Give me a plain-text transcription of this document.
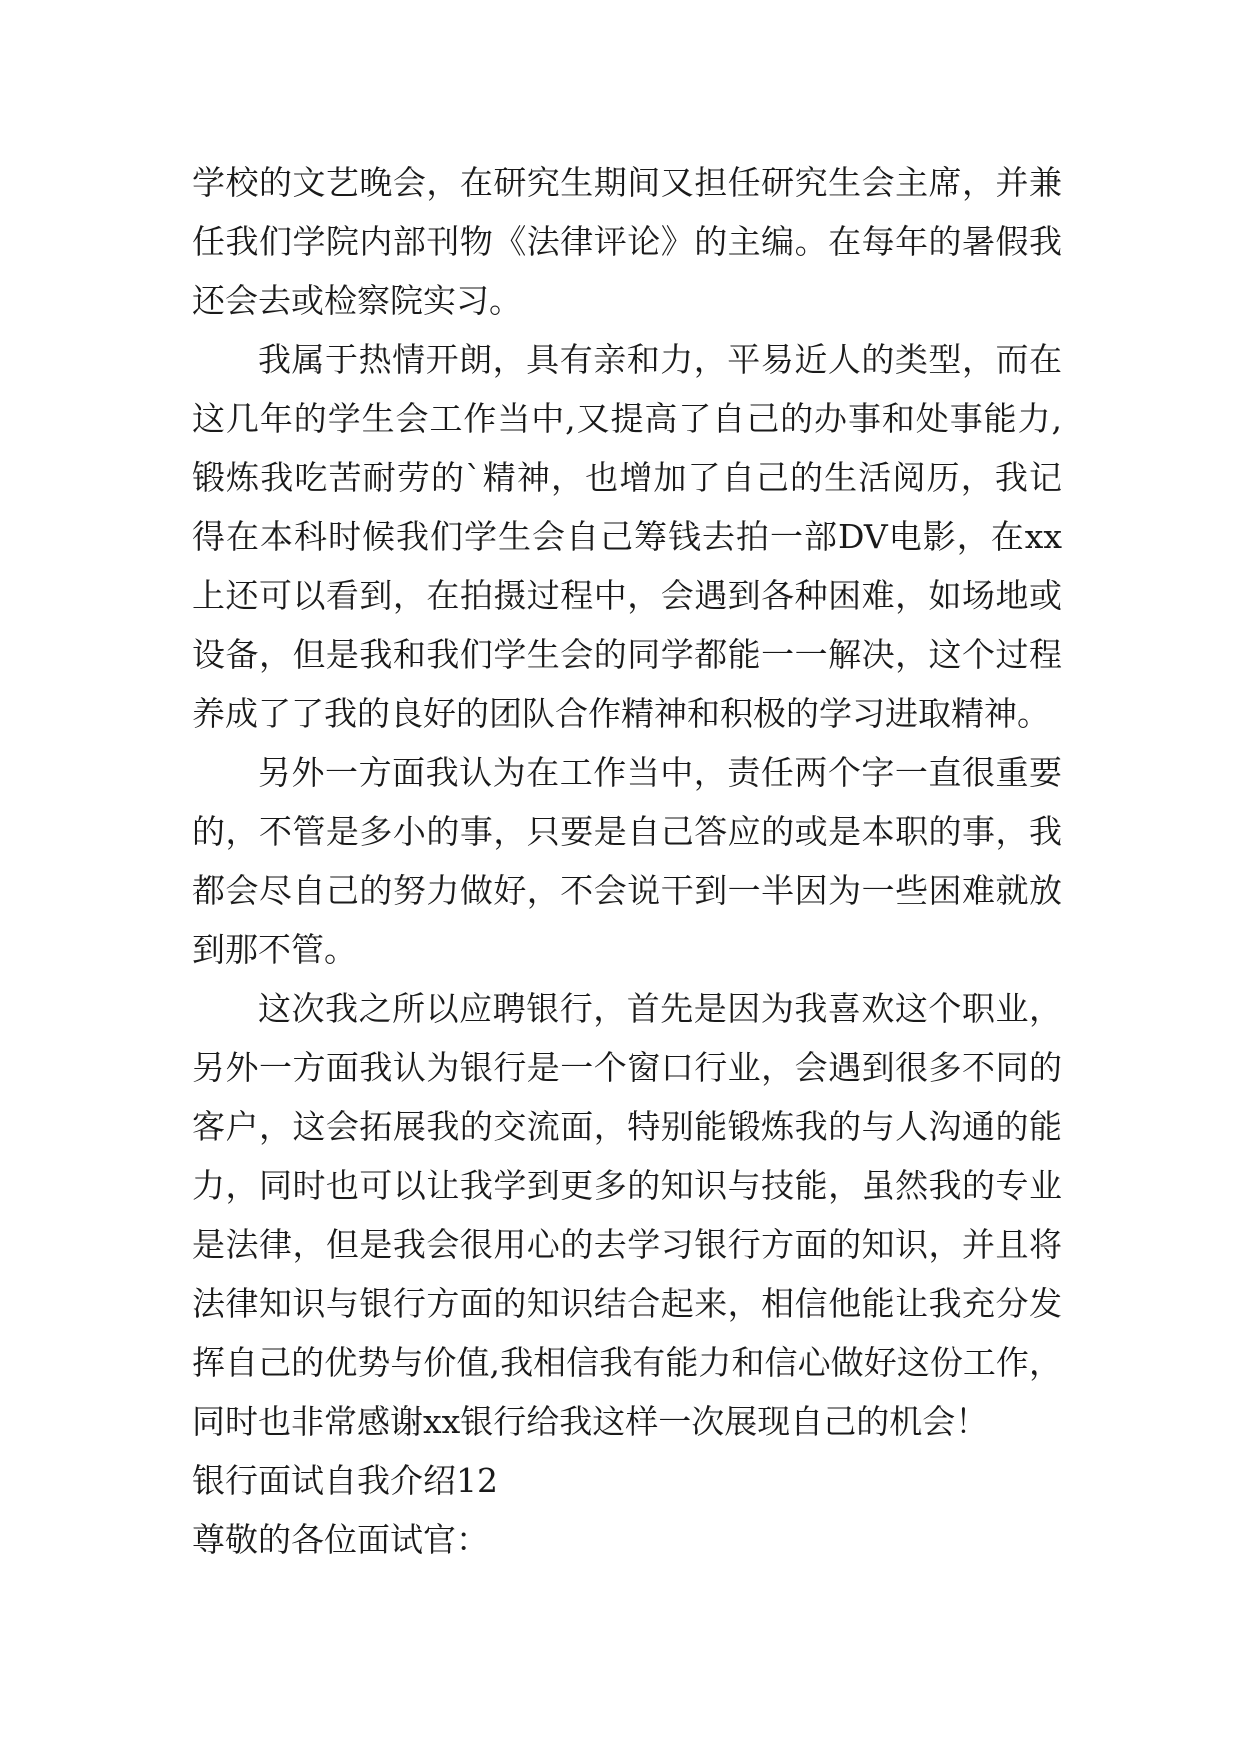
学校的文艺晚会，在研究生期间又担任研究生会主席，并兼
任我们学院内部刊物《法律评论》的主编。在每年的暑假我
还会去或检察院实习。
我属于热情开朗，具有亲和力，平易近人的类型，而在
这几年的学生会工作当中,又提高了自己的办事和处事能力,
锻炼我吃苦耐劳的`精神，也增加了自己的生活阅历，我记
得在本科时候我们学生会自己筹钱去拍一部DV电影，在xx
上还可以看到，在拍摄过程中，会遇到各种困难，如场地或
设备，但是我和我们学生会的同学都能一一解决，这个过程
养成了了我的良好的团队合作精神和积极的学习进取精神。
另外一方面我认为在工作当中，责任两个字一直很重要
的，不管是多小的事，只要是自己答应的或是本职的事，我
都会尽自己的努力做好，不会说干到一半因为一些困难就放
到那不管。
这次我之所以应聘银行，首先是因为我喜欢这个职业，
另外一方面我认为银行是一个窗口行业，会遇到很多不同的
客户，这会拓展我的交流面，特别能锻炼我的与人沟通的能
力，同时也可以让我学到更多的知识与技能，虽然我的专业
是法律，但是我会很用心的去学习银行方面的知识，并且将
法律知识与银行方面的知识结合起来，相信他能让我充分发
挥自己的优势与价值,我相信我有能力和信心做好这份工作，
同时也非常感谢xx银行给我这样一次展现自己的机会！
银行面试自我介绍12
尊敬的各位面试官：
